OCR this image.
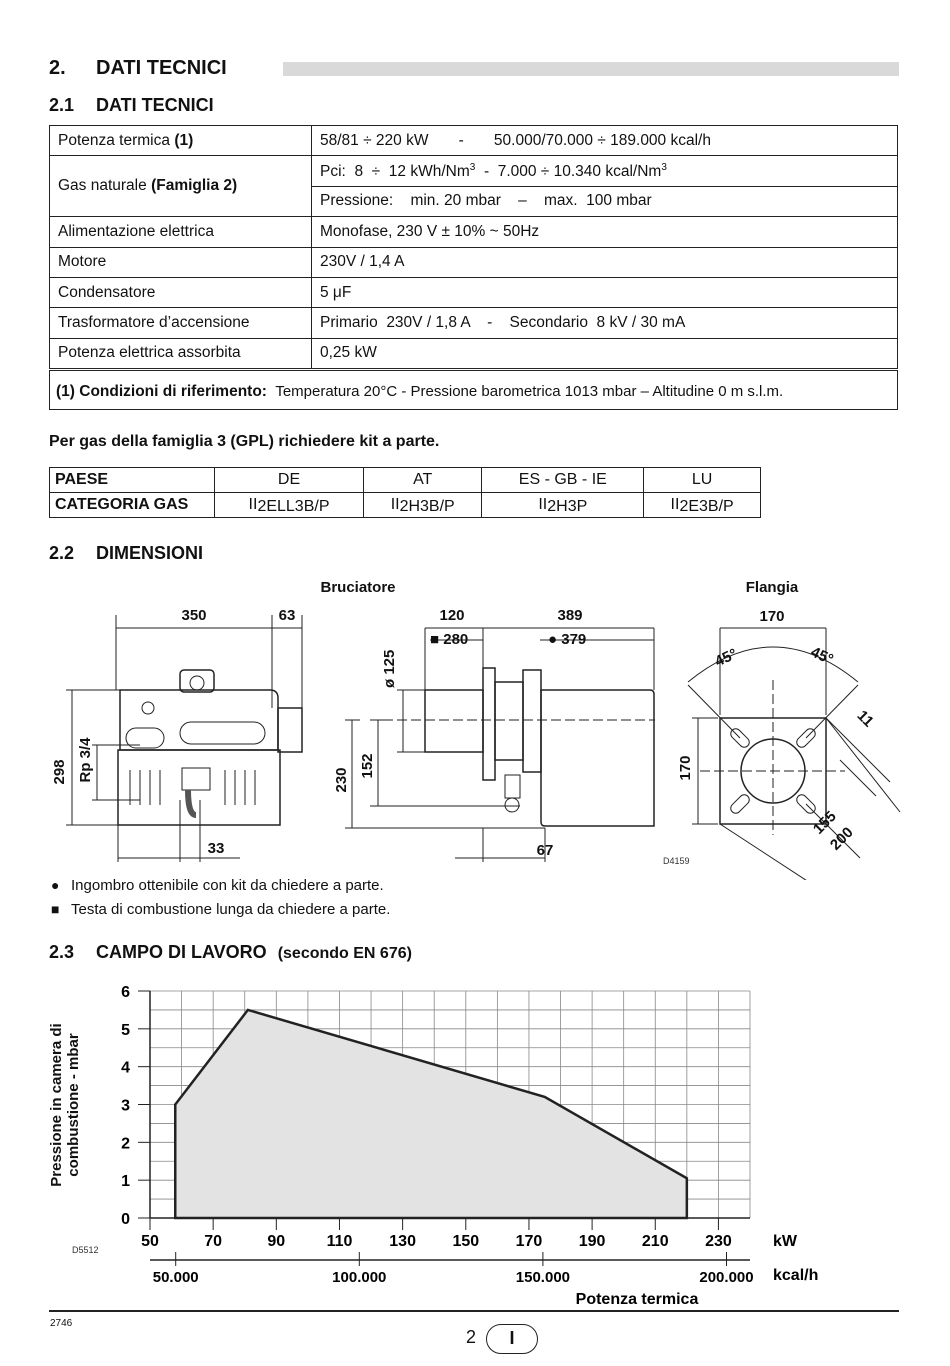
2. DATI TECNICI
2.1 DATI TECNICI
Potenza termica (1)	58/81 ÷ 220 kW       -       50.000/70.000 ÷ 189.000 kcal/h
Gas naturale (Famiglia 2)	Pci:  8  ÷  12 kWh/Nm$^3$  -  7.000 ÷ 10.340 kcal/Nm$^3$
	Pressione:    min. 20 mbar    –    max.  100 mbar
Alimentazione elettrica	Monofase, 230 V ± 10% ~ 50Hz
Motore	230V / 1,4 A
Condensatore	5 μF
Trasformatore d’accensione	Primario  230V / 1,8 A    -    Secondario  8 kV / 30 mA
Potenza elettrica assorbita	0,25 kW
(1) Condizioni di riferimento: Temperatura 20°C - Pressione barometrica 1013 mbar – Altitudine 0 m s.l.m.
Per gas della famiglia 3 (GPL) richiedere kit a parte.
PAESE	DE	AT	ES - GB - IE	LU
CATEGORIA GAS	II2ELL3B/P	II2H3B/P	II2H3P	II2E3B/P
2.2 DIMENSIONI
Bruciatore	Flangia
350	63	120	389
■ 280	● 379
170
ø 125
298 Rp 3/4	230
152	170
33	67
45°	45°
11
155
200
D4159
● Ingombro ottenibile con kit da chiedere a parte.
■ Testa di combustione lunga da chiedere a parte.
2.3 CAMPO DI LAVORO (secondo EN 676)
0
1
2
3
4
5
6
50	70	90	110 130 150 170 190 210 230	kW
50.000	100.000	150.000	200.000 kcal/h
Potenza termica
D5512
Pressione in camera di combustione - mbar
2746
2	I
